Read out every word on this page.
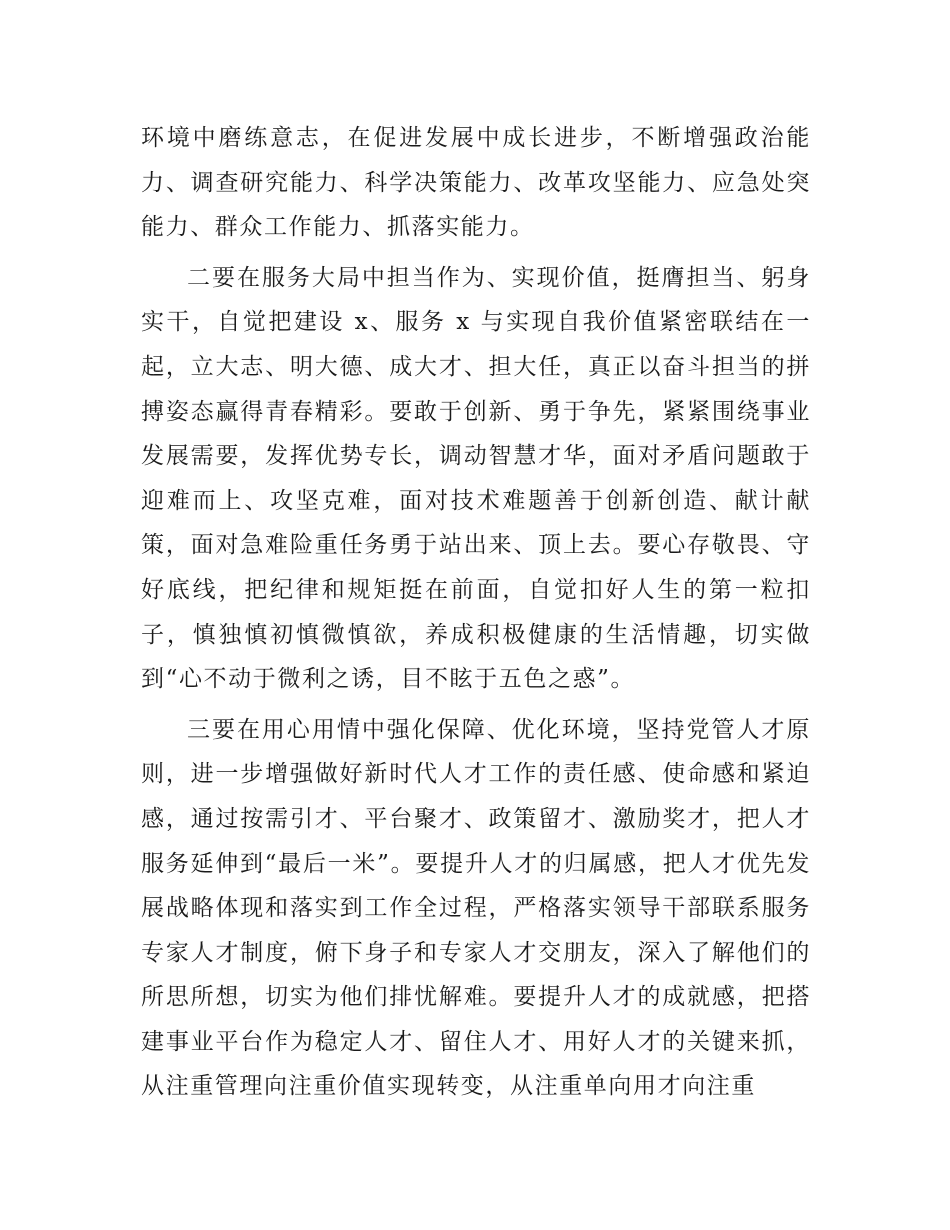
环境中磨练意志，在促进发展中成长进步，不断增强政治能力、调查研究能力、科学决策能力、改革攻坚能力、应急处突能力、群众工作能力、抓落实能力。

二要在服务大局中担当作为、实现价值，挺膺担当、躬身实干，自觉把建设 x、服务 x 与实现自我价值紧密联结在一起，立大志、明大德、成大才、担大任，真正以奋斗担当的拼搏姿态赢得青春精彩。要敢于创新、勇于争先，紧紧围绕事业发展需要，发挥优势专长，调动智慧才华，面对矛盾问题敢于迎难而上、攻坚克难，面对技术难题善于创新创造、献计献策，面对急难险重任务勇于站出来、顶上去。要心存敬畏、守好底线，把纪律和规矩挺在前面，自觉扣好人生的第一粒扣子，慎独慎初慎微慎欲，养成积极健康的生活情趣，切实做到“心不动于微利之诱，目不眩于五色之惑”。

三要在用心用情中强化保障、优化环境，坚持党管人才原则，进一步增强做好新时代人才工作的责任感、使命感和紧迫感，通过按需引才、平台聚才、政策留才、激励奖才，把人才服务延伸到“最后一米”。要提升人才的归属感，把人才优先发展战略体现和落实到工作全过程，严格落实领导干部联系服务专家人才制度，俯下身子和专家人才交朋友，深入了解他们的所思所想，切实为他们排忧解难。要提升人才的成就感，把搭建事业平台作为稳定人才、留住人才、用好人才的关键来抓，从注重管理向注重价值实现转变，从注重单向用才向注重
